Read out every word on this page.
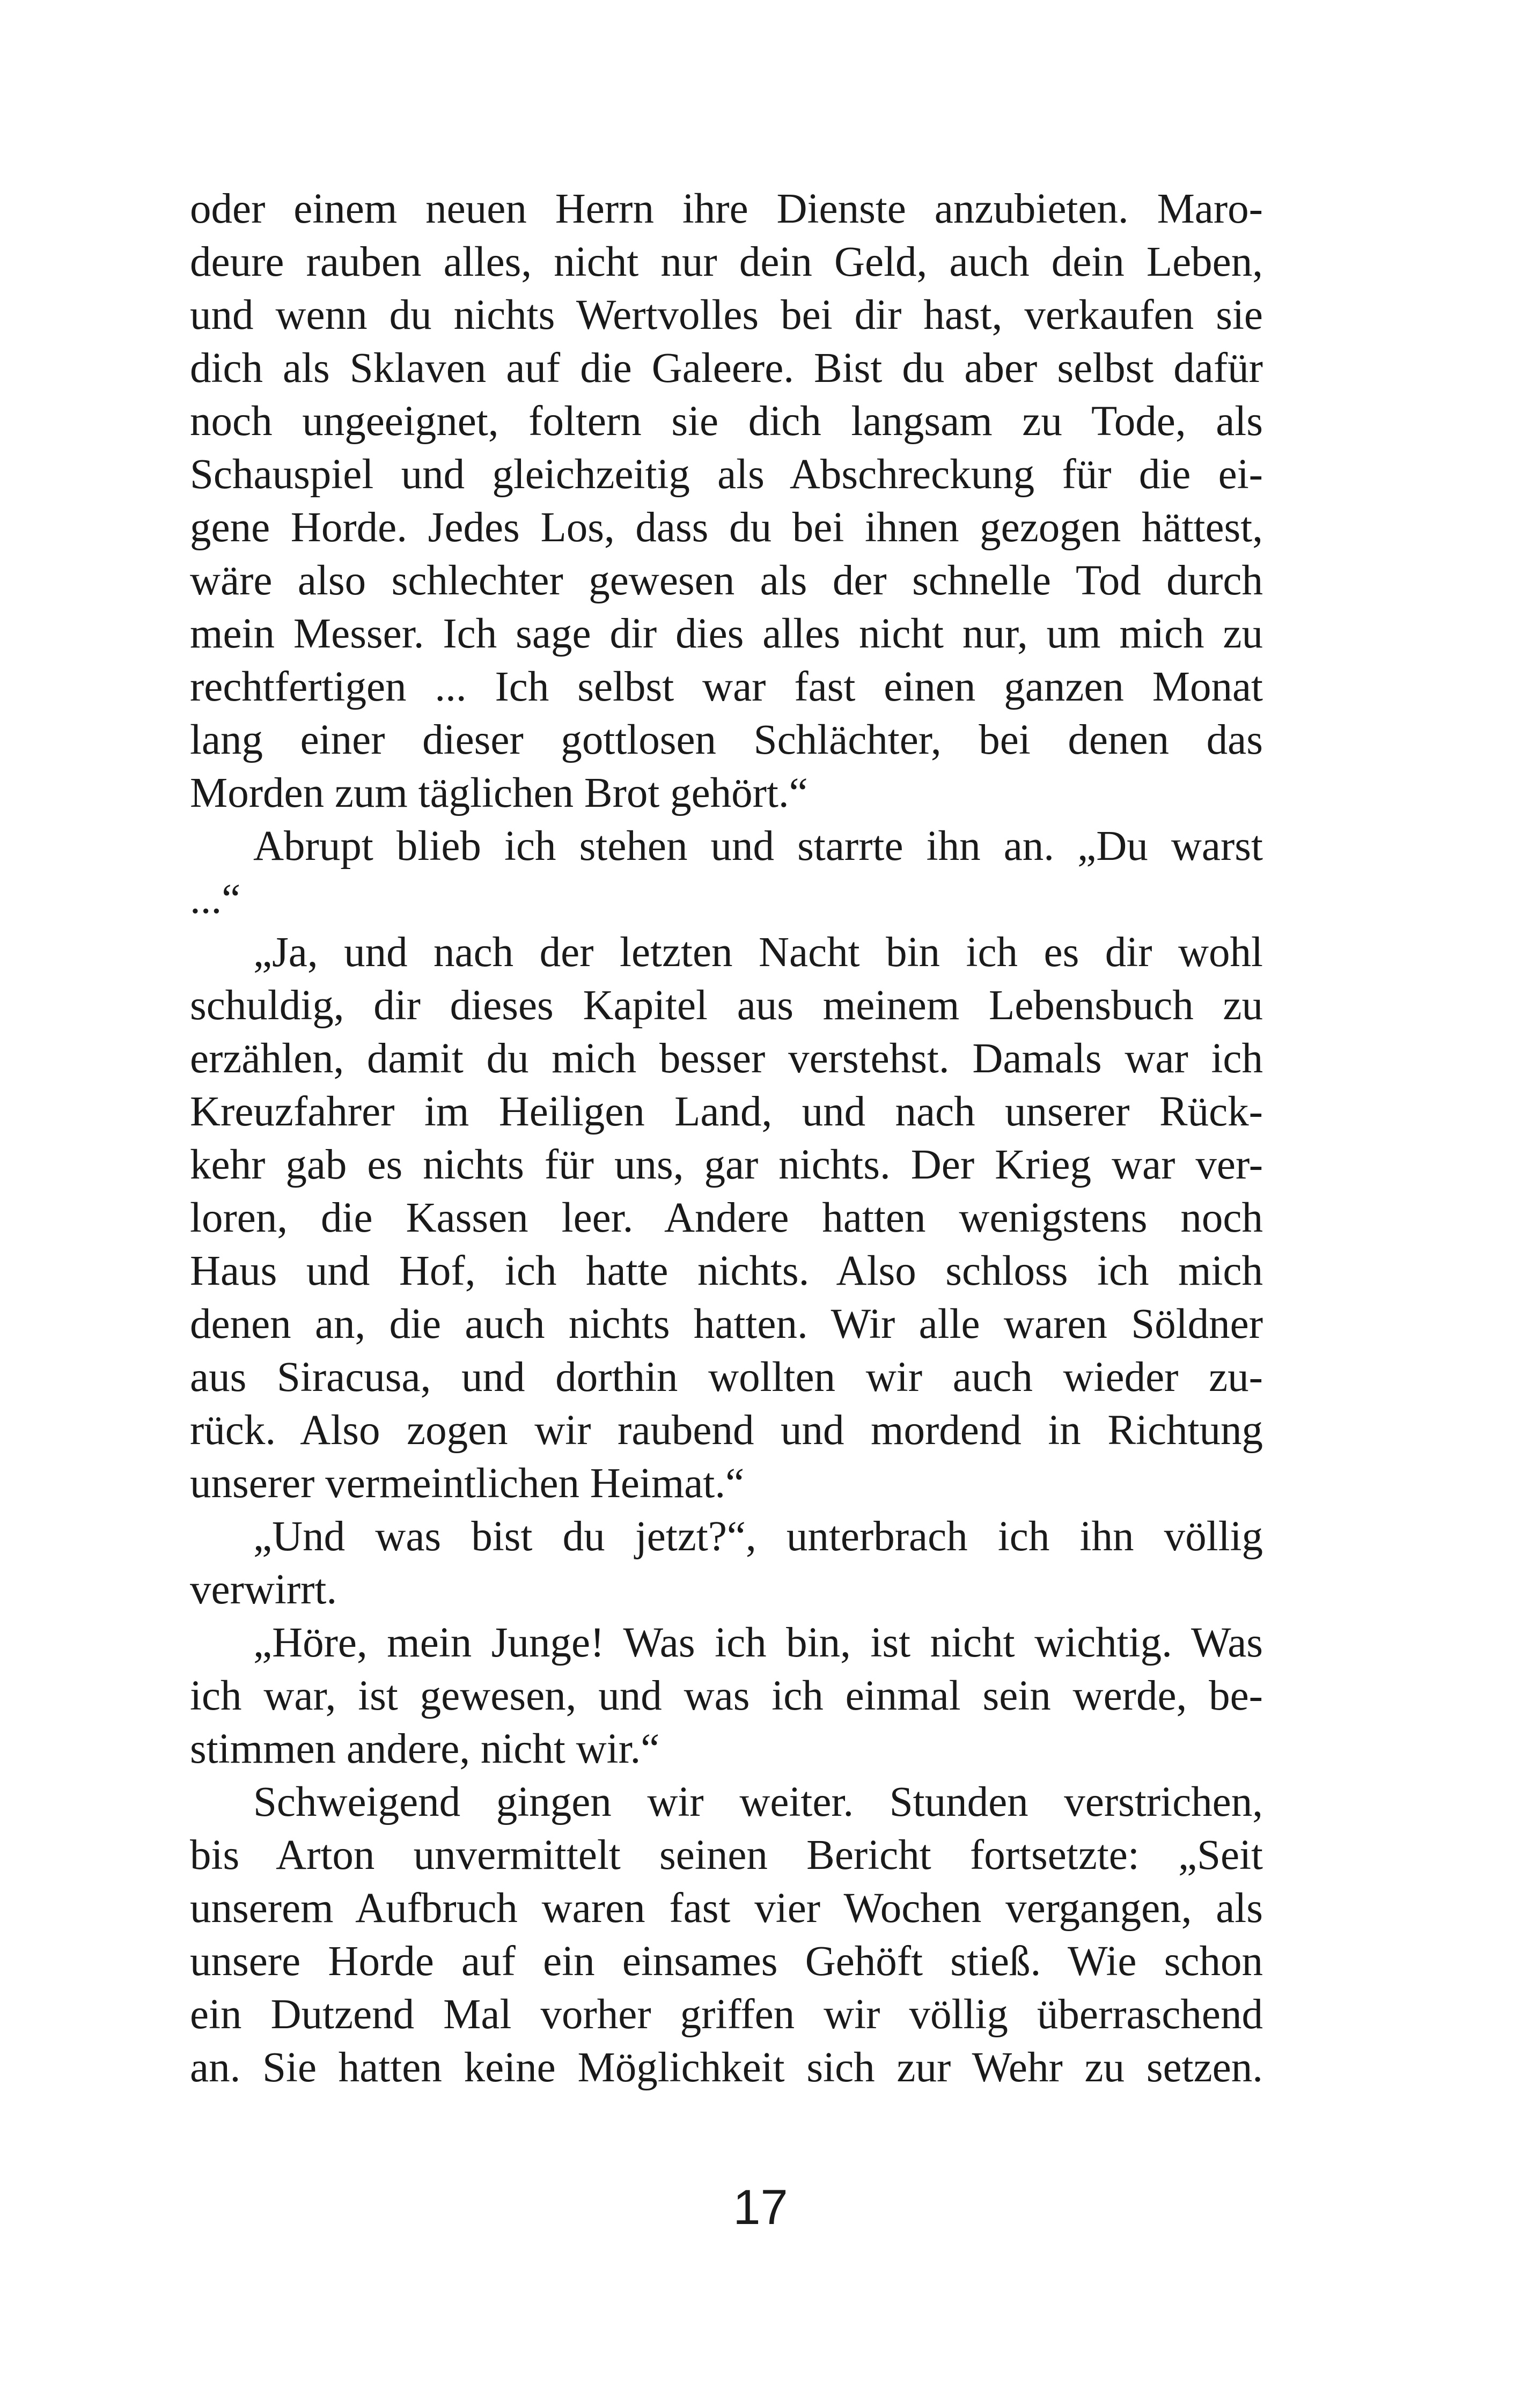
oder einem neuen Herrn ihre Dienste anzubieten. Maro-
deure rauben alles, nicht nur dein Geld, auch dein Leben,
und wenn du nichts Wertvolles bei dir hast, verkaufen sie
dich als Sklaven auf die Galeere. Bist du aber selbst dafür
noch ungeeignet, foltern sie dich langsam zu Tode, als
Schauspiel und gleichzeitig als Abschreckung für die ei-
gene Horde. Jedes Los, dass du bei ihnen gezogen hättest,
wäre also schlechter gewesen als der schnelle Tod durch
mein Messer. Ich sage dir dies alles nicht nur, um mich zu
rechtfertigen ... Ich selbst war fast einen ganzen Monat
lang einer dieser gottlosen Schlächter, bei denen das
Morden zum täglichen Brot gehört.“
Abrupt blieb ich stehen und starrte ihn an. „Du warst
...“
„Ja, und nach der letzten Nacht bin ich es dir wohl
schuldig, dir dieses Kapitel aus meinem Lebensbuch zu
erzählen, damit du mich besser verstehst. Damals war ich
Kreuzfahrer im Heiligen Land, und nach unserer Rück-
kehr gab es nichts für uns, gar nichts. Der Krieg war ver-
loren, die Kassen leer. Andere hatten wenigstens noch
Haus und Hof, ich hatte nichts. Also schloss ich mich
denen an, die auch nichts hatten. Wir alle waren Söldner
aus Siracusa, und dorthin wollten wir auch wieder zu-
rück. Also zogen wir raubend und mordend in Richtung
unserer vermeintlichen Heimat.“
„Und was bist du jetzt?“, unterbrach ich ihn völlig
verwirrt.
„Höre, mein Junge! Was ich bin, ist nicht wichtig. Was
ich war, ist gewesen, und was ich einmal sein werde, be-
stimmen andere, nicht wir.“
Schweigend gingen wir weiter. Stunden verstrichen,
bis Arton unvermittelt seinen Bericht fortsetzte: „Seit
unserem Aufbruch waren fast vier Wochen vergangen, als
unsere Horde auf ein einsames Gehöft stieß. Wie schon
ein Dutzend Mal vorher griffen wir völlig überraschend
an. Sie hatten keine Möglichkeit sich zur Wehr zu setzen.
17
